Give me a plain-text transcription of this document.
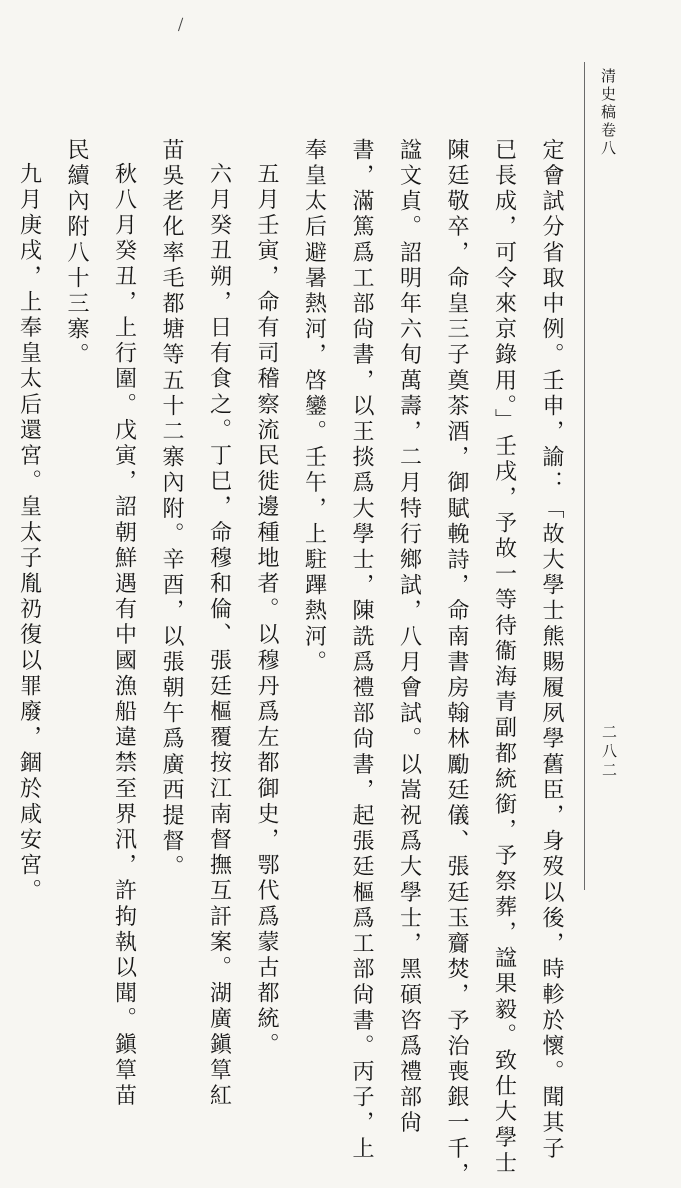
清史稿卷八
二八二
定會試分省取中例。壬申，諭：「故大學士熊賜履夙學舊臣，身歿以後，時軫於懷。聞其子
已長成，可令來京錄用。」壬戌，予故一等待衞海青副都統銜，予祭葬，諡果毅。致仕大學士
陳廷敬卒，命皇三子奠茶酒，御賦輓詩，命南書房翰林勵廷儀、張廷玉齎焚，予治喪銀一千，
諡文貞。詔明年六旬萬壽，二月特行鄉試，八月會試。以嵩祝爲大學士，黑碩咨爲禮部尙
書，滿篤爲工部尙書，以王掞爲大學士，陳詵爲禮部尙書，起張廷樞爲工部尙書。丙子，上
奉皇太后避暑熱河，啓鑾。壬午，上駐蹕熱河。
五月壬寅，命有司稽察流民徙邊種地者。以穆丹爲左都御史，鄂代爲蒙古都統。
六月癸丑朔，日有食之。丁巳，命穆和倫、張廷樞覆按江南督撫互訐案。湖廣鎭筸紅
苗吳老化率毛都塘等五十二寨內附。辛酉，以張朝午爲廣西提督。
秋八月癸丑，上行圍。戊寅，詔朝鮮遇有中國漁船違禁至界汛，許拘執以聞。鎭筸苗
民續內附八十三寨。
九月庚戌，上奉皇太后還宮。皇太子胤礽復以罪廢，錮於咸安宮。
